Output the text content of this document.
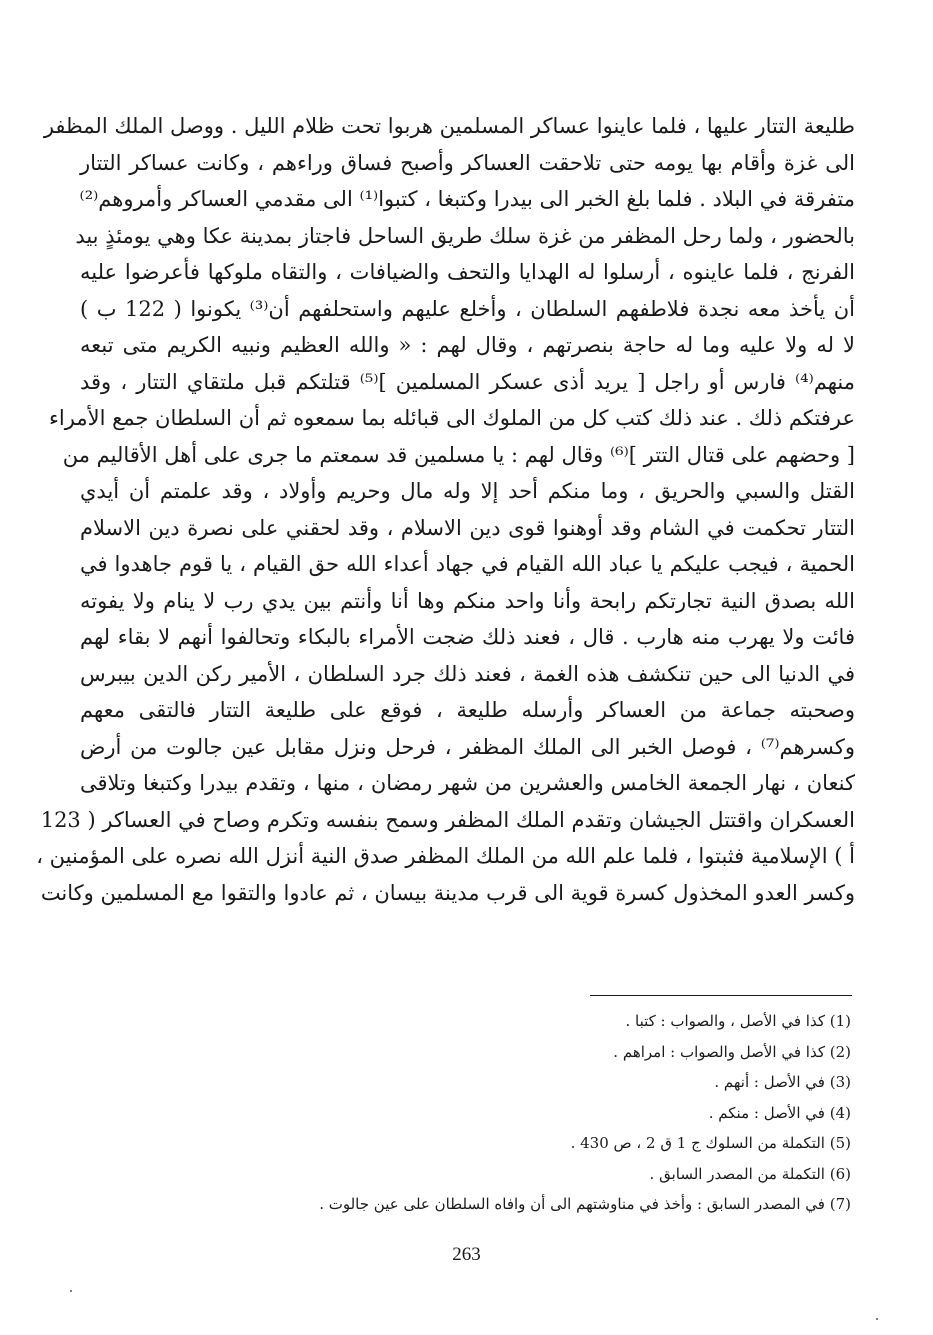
طليعة التتار عليها ، فلما عاينوا عساكر المسلمين هربوا تحت ظلام الليل . ووصل الملك المظفر
الى غزة وأقام بها يومه حتى تلاحقت العساكر وأصبح فساق وراءهم ، وكانت عساكر التتار
متفرقة في البلاد . فلما بلغ الخبر الى بيدرا وكتبغا ، كتبوا⁽¹⁾ الى مقدمي العساكر وأمروهم⁽²⁾
بالحضور ، ولما رحل المظفر من غزة سلك طريق الساحل فاجتاز بمدينة عكا وهي يومئذٍ بيد
الفرنج ، فلما عاينوه ، أرسلوا له الهدايا والتحف والضيافات ، والتقاه ملوكها فأعرضوا عليه
أن يأخذ معه نجدة فلاطفهم السلطان ، وأخلع عليهم واستحلفهم أن⁽³⁾ يكونوا ( 122 ب )
لا له ولا عليه وما له حاجة بنصرتهم ، وقال لهم : « والله العظيم ونبيه الكريم متى تبعه
منهم⁽⁴⁾ فارس أو راجل [ يريد أذى عسكر المسلمين ]⁽⁵⁾ قتلتكم قبل ملتقاي التتار ، وقد
عرفتكم ذلك . عند ذلك كتب كل من الملوك الى قبائله بما سمعوه ثم أن السلطان جمع الأمراء
[ وحضهم على قتال التتر ]⁽⁶⁾ وقال لهم : يا مسلمين قد سمعتم ما جرى على أهل الأقاليم من
القتل والسبي والحريق ، وما منكم أحد إلا وله مال وحريم وأولاد ، وقد علمتم أن أيدي
التتار تحكمت في الشام وقد أوهنوا قوى دين الاسلام ، وقد لحقني على نصرة دين الاسلام
الحمية ، فيجب عليكم يا عباد الله القيام في جهاد أعداء الله حق القيام ، يا قوم جاهدوا في
الله بصدق النية تجارتكم رابحة وأنا واحد منكم وها أنا وأنتم بين يدي رب لا ينام ولا يفوته
فائت ولا يهرب منه هارب . قال ، فعند ذلك ضجت الأمراء بالبكاء وتحالفوا أنهم لا بقاء لهم
في الدنيا الى حين تنكشف هذه الغمة ، فعند ذلك جرد السلطان ، الأمير ركن الدين بيبرس
وصحبته جماعة من العساكر وأرسله طليعة ، فوقع على طليعة التتار فالتقى معهم
وكسرهم⁽⁷⁾ ، فوصل الخبر الى الملك المظفر ، فرحل ونزل مقابل عين جالوت من أرض
كنعان ، نهار الجمعة الخامس والعشرين من شهر رمضان ، منها ، وتقدم بيدرا وكتبغا وتلاقى
العسكران واقتتل الجيشان وتقدم الملك المظفر وسمح بنفسه وتكرم وصاح في العساكر ( 123
أ ) الإسلامية فثبتوا ، فلما علم الله من الملك المظفر صدق النية أنزل الله نصره على المؤمنين ،
وكسر العدو المخذول كسرة قوية الى قرب مدينة بيسان ، ثم عادوا والتقوا مع المسلمين وكانت
(1) كذا في الأصل ، والصواب : كتبا .
(2) كذا في الأصل والصواب : امراهم .
(3) في الأصل : أنهم .
(4) في الأصل : منكم .
(5) التكملة من السلوك ج 1 ق 2 ، ص 430 .
(6) التكملة من المصدر السابق .
(7) في المصدر السابق : وأخذ في مناوشتهم الى أن وافاه السلطان على عين جالوت .
263
